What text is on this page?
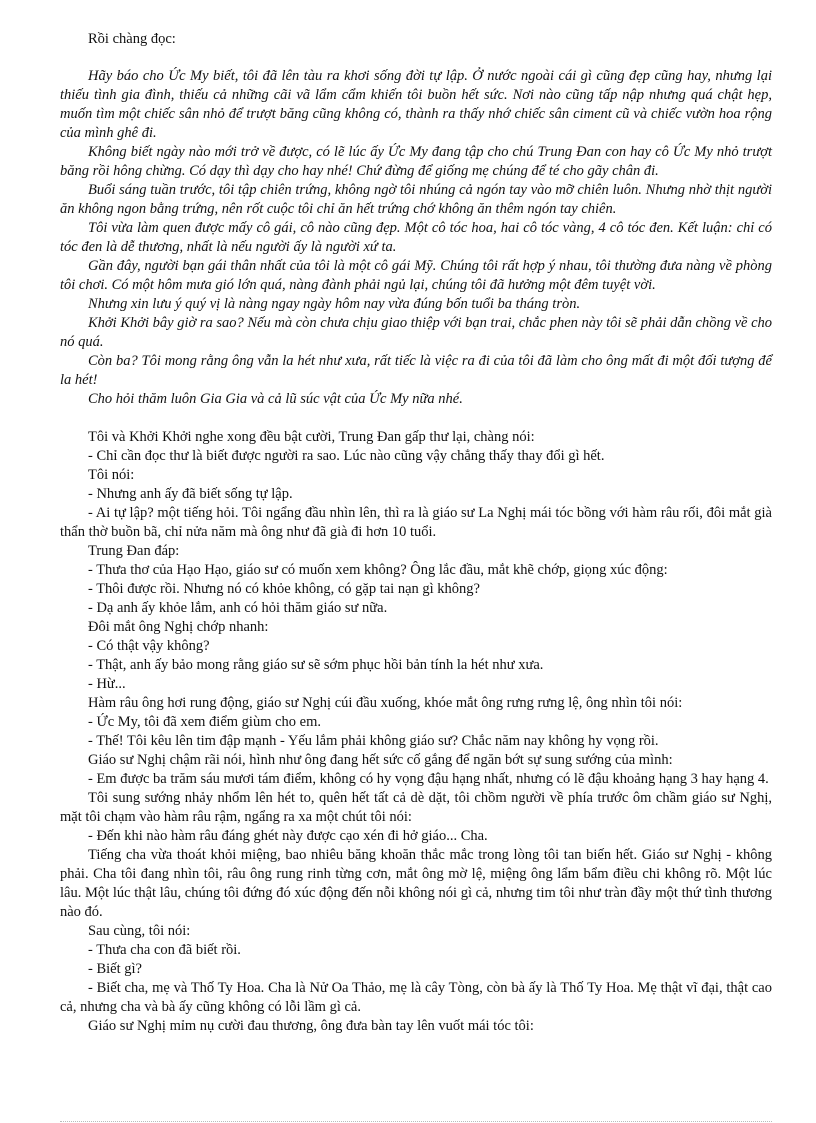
Rồi chàng đọc:

Hãy báo cho Ức My biết, tôi đã lên tàu ra khơi sống đời tự lập. Ở nước ngoài cái gì cũng đẹp cũng hay, nhưng lại thiếu tình gia đình, thiếu cả những cãi vã lẩm cẩm khiến tôi buồn hết sức. Nơi nào cũng tấp nập nhưng quá chật hẹp, muốn tìm một chiếc sân nhỏ để trượt băng cũng không có, thành ra thấy nhớ chiếc sân ciment cũ và chiếc vườn hoa rộng của mình ghê đi.

Không biết ngày nào mới trở về được, có lẽ lúc ấy Ức My đang tập cho chú Trung Đan con hay cô Ức My nhỏ trượt băng rồi hông chừng. Có dạy thì dạy cho hay nhé! Chứ đừng để giống mẹ chúng để té cho gãy chân đi.

Buổi sáng tuần trước, tôi tập chiên trứng, không ngờ tôi nhúng cả ngón tay vào mỡ chiên luôn. Nhưng nhờ thịt người ăn không ngon bằng trứng, nên rốt cuộc tôi chỉ ăn hết trứng chớ không ăn thêm ngón tay chiên.

Tôi vừa làm quen được mấy cô gái, cô nào cũng đẹp. Một cô tóc hoa, hai cô tóc vàng, 4 cô tóc đen. Kết luận: chỉ có tóc đen là dễ thương, nhất là nếu người ấy là người xứ ta.

Gần đây, người bạn gái thân nhất của tôi là một cô gái Mỹ. Chúng tôi rất hợp ý nhau, tôi thường đưa nàng về phòng tôi chơi. Có một hôm mưa gió lớn quá, nàng đành phải ngủ lại, chúng tôi đã hưởng một đêm tuyệt vời.

Nhưng xin lưu ý quý vị là nàng ngay ngày hôm nay vừa đúng bốn tuổi ba tháng tròn.

Khởi Khởi bây giờ ra sao? Nếu mà còn chưa chịu giao thiệp với bạn trai, chắc phen này tôi sẽ phải dẫn chồng về cho nó quá.

Còn ba? Tôi mong rằng ông vẫn la hét như xưa, rất tiếc là việc ra đi của tôi đã làm cho ông mất đi một đối tượng để la hét!

Cho hỏi thăm luôn Gia Gia và cả lũ súc vật của Ức My nữa nhé.

Tôi và Khởi Khởi nghe xong đều bật cười, Trung Đan gấp thư lại, chàng nói:

- Chỉ cần đọc thư là biết được người ra sao. Lúc nào cũng vậy chẳng thấy thay đổi gì hết.

Tôi nói:

- Nhưng anh ấy đã biết sống tự lập.

- Ai tự lập? một tiếng hỏi. Tôi ngẩng đầu nhìn lên, thì ra là giáo sư La Nghị mái tóc bồng với hàm râu rối, đôi mắt già thẩn thờ buồn bã, chỉ nửa năm mà ông như đã già đi hơn 10 tuổi.

Trung Đan đáp:

- Thưa thơ của Hạo Hạo, giáo sư có muốn xem không? Ông lắc đầu, mắt khẽ chớp, giọng xúc động:

- Thôi được rồi. Nhưng nó có khỏe không, có gặp tai nạn gì không?

- Dạ anh ấy khỏe lắm, anh có hỏi thăm giáo sư nữa.

Đôi mắt ông Nghị chớp nhanh:

- Có thật vậy không?

- Thật, anh ấy bảo mong rằng giáo sư sẽ sớm phục hồi bản tính la hét như xưa.

- Hừ...

Hàm râu ông hơi rung động, giáo sư Nghị cúi đầu xuống, khóe mắt ông rưng rưng lệ, ông nhìn tôi nói:

- Ức My, tôi đã xem điểm giùm cho em.

- Thế! Tôi kêu lên tim đập mạnh - Yếu lắm phải không giáo sư? Chắc năm nay không hy vọng rồi.

Giáo sư Nghị chậm rãi nói, hình như ông đang hết sức cố gắng để ngăn bớt sự sung sướng của mình:

- Em được ba trăm sáu mươi tám điểm, không có hy vọng đậu hạng nhất, nhưng có lẽ đậu khoảng hạng 3 hay hạng 4.

Tôi sung sướng nhảy nhổm lên hét to, quên hết tất cả dè dặt, tôi chồm người về phía trước ôm chầm giáo sư Nghị, mặt tôi chạm vào hàm râu rậm, ngẩng ra xa một chút tôi nói:

- Đến khi nào hàm râu đáng ghét này được cạo xén đi hở giáo... Cha.

Tiếng cha vừa thoát khỏi miệng, bao nhiêu băng khoăn thắc mắc trong lòng tôi tan biến hết. Giáo sư Nghị - không phải. Cha tôi đang nhìn tôi, râu ông rung rinh từng cơn, mắt ông mờ lệ, miệng ông lẩm bẩm điều chi không rõ. Một lúc lâu. Một lúc thật lâu, chúng tôi đứng đó xúc động đến nỗi không nói gì cả, nhưng tim tôi như tràn đầy một thứ tình thương nào đó.

Sau cùng, tôi nói:

- Thưa cha con đã biết rồi.

- Biết gì?

- Biết cha, mẹ và Thố Ty Hoa. Cha là Nử Oa Thảo, mẹ là cây Tòng, còn bà ấy là Thố Ty Hoa. Mẹ thật vĩ đại, thật cao cả, nhưng cha và bà ấy cũng không có lỗi lầm gì cả.

Giáo sư Nghị mỉm nụ cười đau thương, ông đưa bàn tay lên vuốt mái tóc tôi:
